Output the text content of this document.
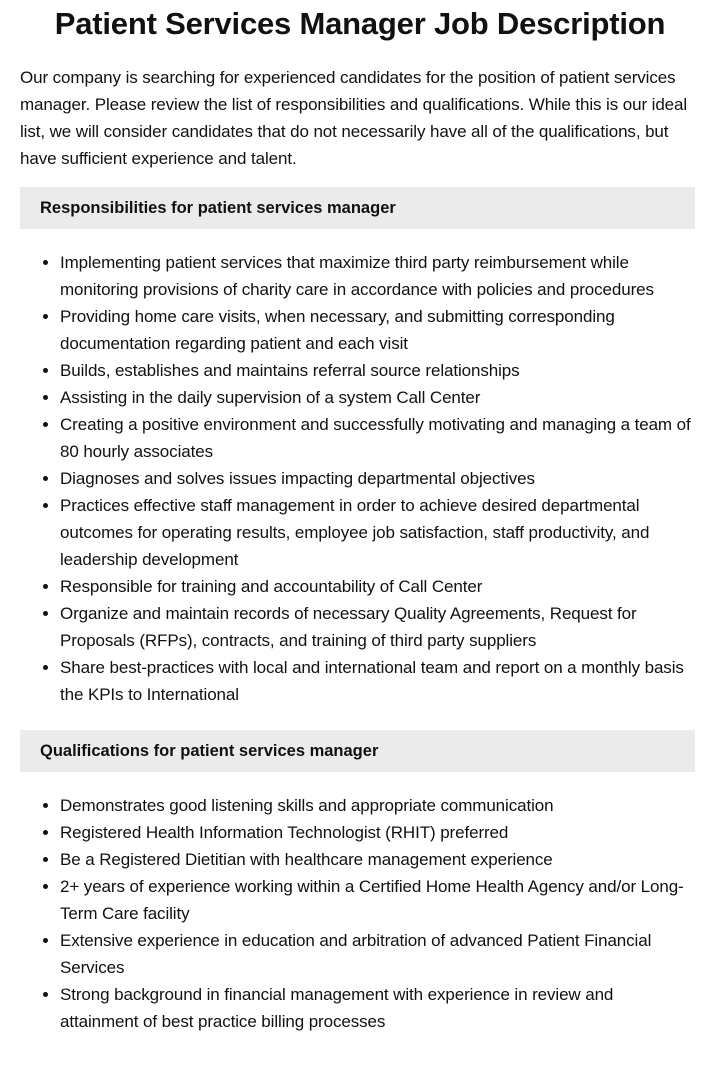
Patient Services Manager Job Description

Our company is searching for experienced candidates for the position of patient services manager. Please review the list of responsibilities and qualifications. While this is our ideal list, we will consider candidates that do not necessarily have all of the qualifications, but have sufficient experience and talent.

Responsibilities for patient services manager
• Implementing patient services that maximize third party reimbursement while monitoring provisions of charity care in accordance with policies and procedures
• Providing home care visits, when necessary, and submitting corresponding documentation regarding patient and each visit
• Builds, establishes and maintains referral source relationships
• Assisting in the daily supervision of a system Call Center
• Creating a positive environment and successfully motivating and managing a team of 80 hourly associates
• Diagnoses and solves issues impacting departmental objectives
• Practices effective staff management in order to achieve desired departmental outcomes for operating results, employee job satisfaction, staff productivity, and leadership development
• Responsible for training and accountability of Call Center
• Organize and maintain records of necessary Quality Agreements, Request for Proposals (RFPs), contracts, and training of third party suppliers
• Share best-practices with local and international team and report on a monthly basis the KPIs to International
Qualifications for patient services manager
• Demonstrates good listening skills and appropriate communication
• Registered Health Information Technologist (RHIT) preferred
• Be a Registered Dietitian with healthcare management experience
• 2+ years of experience working within a Certified Home Health Agency and/or Long-Term Care facility
• Extensive experience in education and arbitration of advanced Patient Financial Services
• Strong background in financial management with experience in review and attainment of best practice billing processes
